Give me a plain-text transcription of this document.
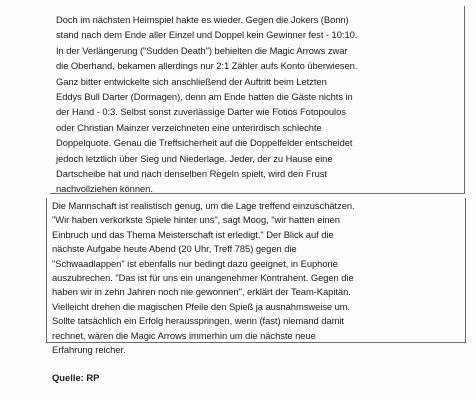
Doch im nächsten Heimspiel hakte es wieder. Gegen die Jokers (Bonn)
stand nach dem Ende aller Einzel und Doppel kein Gewinner fest - 10:10.
In der Verlängerung ("Sudden Death") behielten die Magic Arrows zwar
die Oberhand, bekamen allerdings nur 2:1 Zähler aufs Konto überwiesen.
Ganz bitter entwickelte sich anschließend der Auftritt beim Letzten
Eddys Bull Darter (Dormagen), denn am Ende hatten die Gäste nichts in
der Hand - 0:3. Selbst sonst zuverlässige Darter wie Fotios Fotopoulos
oder Christian Mainzer verzeichneten eine unterirdisch schlechte
Doppelquote. Genau die Treffsicherheit auf die Doppelfelder entscheidet
jedoch letztlich über Sieg und Niederlage. Jeder, der zu Hause eine
Dartscheibe hat und nach denselben Regeln spielt, wird den Frust
nachvollziehen können.

Die Mannschaft ist realistisch genug, um die Lage treffend einzuschätzen.
"Wir haben verkorkste Spiele hinter uns", sagt Moog, "wir hatten einen
Einbruch und das Thema Meisterschaft ist erledigt." Der Blick auf die
nächste Aufgabe heute Abend (20 Uhr, Treff 785) gegen die
"Schwaadlappen" ist ebenfalls nur bedingt dazu geeignet, in Euphorie
auszubrechen. "Das ist für uns ein unangenehmer Kontrahent. Gegen die
haben wir in zehn Jahren noch nie gewonnen", erklärt der Team-Kapitän.
Vielleicht drehen die magischen Pfeile den Spieß ja ausnahmsweise um.
Sollte tatsächlich ein Erfolg herausspringen, wenn (fast) niemand damit
rechnet, wären die Magic Arrows immerhin um die nächste neue
Erfahrung reicher.

Quelle: RP
